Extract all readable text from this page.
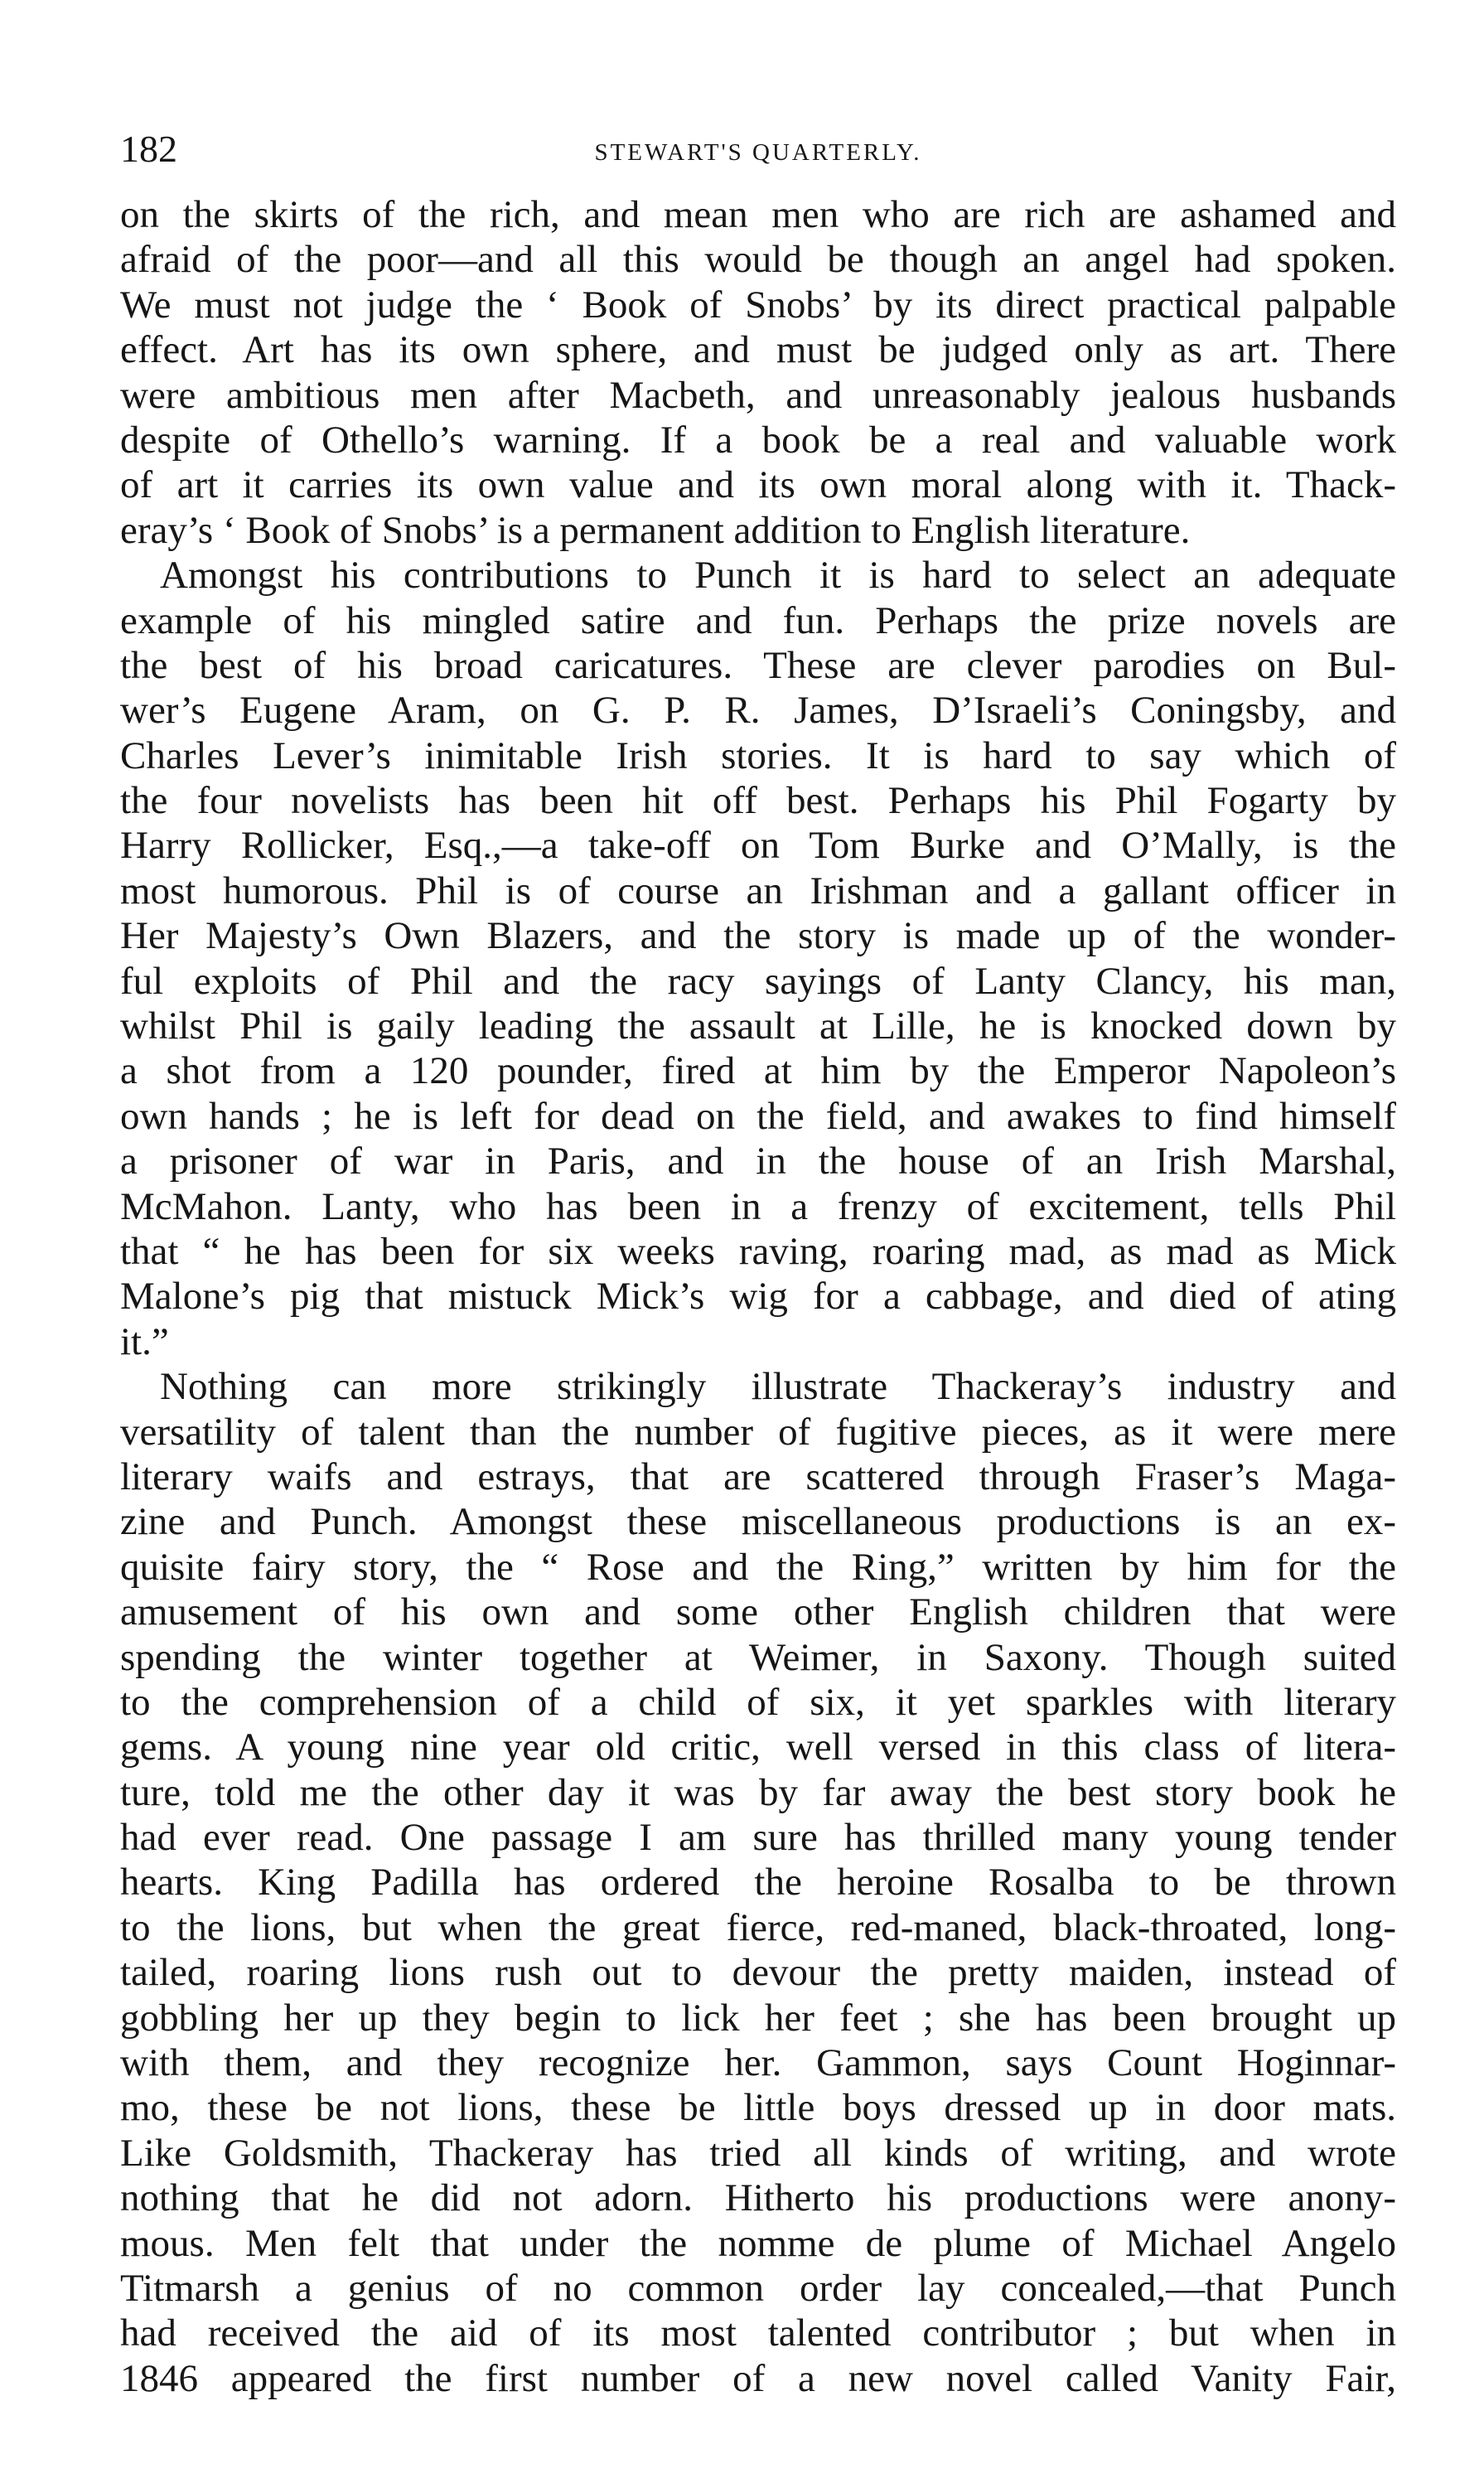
182	STEWART'S QUARTERLY.
on the skirts of the rich, and mean men who are rich are ashamed and
afraid of the poor—and all this would be though an angel had spoken.
We must not judge the ‘ Book of Snobs’ by its direct practical palpable
effect. Art has its own sphere, and must be judged only as art. There
were ambitious men after Macbeth, and unreasonably jealous husbands
despite of Othello’s warning. If a book be a real and valuable work
of art it carries its own value and its own moral along with it. Thack-
eray’s ‘ Book of Snobs’ is a permanent addition to English literature.
Amongst his contributions to Punch it is hard to select an adequate
example of his mingled satire and fun. Perhaps the prize novels are
the best of his broad caricatures. These are clever parodies on Bul-
wer’s Eugene Aram, on G. P. R. James, D’Israeli’s Coningsby, and
Charles Lever’s inimitable Irish stories. It is hard to say which of
the four novelists has been hit off best. Perhaps his Phil Fogarty by
Harry Rollicker, Esq.,—a take-off on Tom Burke and O’Mally, is the
most humorous. Phil is of course an Irishman and a gallant officer in
Her Majesty’s Own Blazers, and the story is made up of the wonder-
ful exploits of Phil and the racy sayings of Lanty Clancy, his man,
whilst Phil is gaily leading the assault at Lille, he is knocked down by
a shot from a 120 pounder, fired at him by the Emperor Napoleon’s
own hands ; he is left for dead on the field, and awakes to find himself
a prisoner of war in Paris, and in the house of an Irish Marshal,
McMahon. Lanty, who has been in a frenzy of excitement, tells Phil
that “ he has been for six weeks raving, roaring mad, as mad as Mick
Malone’s pig that mistuck Mick’s wig for a cabbage, and died of ating
it.”
Nothing can more strikingly illustrate Thackeray’s industry and
versatility of talent than the number of fugitive pieces, as it were mere
literary waifs and estrays, that are scattered through Fraser’s Maga-
zine and Punch. Amongst these miscellaneous productions is an ex-
quisite fairy story, the “ Rose and the Ring,” written by him for the
amusement of his own and some other English children that were
spending the winter together at Weimer, in Saxony. Though suited
to the comprehension of a child of six, it yet sparkles with literary
gems. A young nine year old critic, well versed in this class of litera-
ture, told me the other day it was by far away the best story book he
had ever read. One passage I am sure has thrilled many young tender
hearts. King Padilla has ordered the heroine Rosalba to be thrown
to the lions, but when the great fierce, red-maned, black-throated, long-
tailed, roaring lions rush out to devour the pretty maiden, instead of
gobbling her up they begin to lick her feet ; she has been brought up
with them, and they recognize her. Gammon, says Count Hoginnar-
mo, these be not lions, these be little boys dressed up in door mats.
Like Goldsmith, Thackeray has tried all kinds of writing, and wrote
nothing that he did not adorn. Hitherto his productions were anony-
mous. Men felt that under the nomme de plume of Michael Angelo
Titmarsh a genius of no common order lay concealed,—that Punch
had received the aid of its most talented contributor ; but when in
1846 appeared the first number of a new novel called Vanity Fair,
